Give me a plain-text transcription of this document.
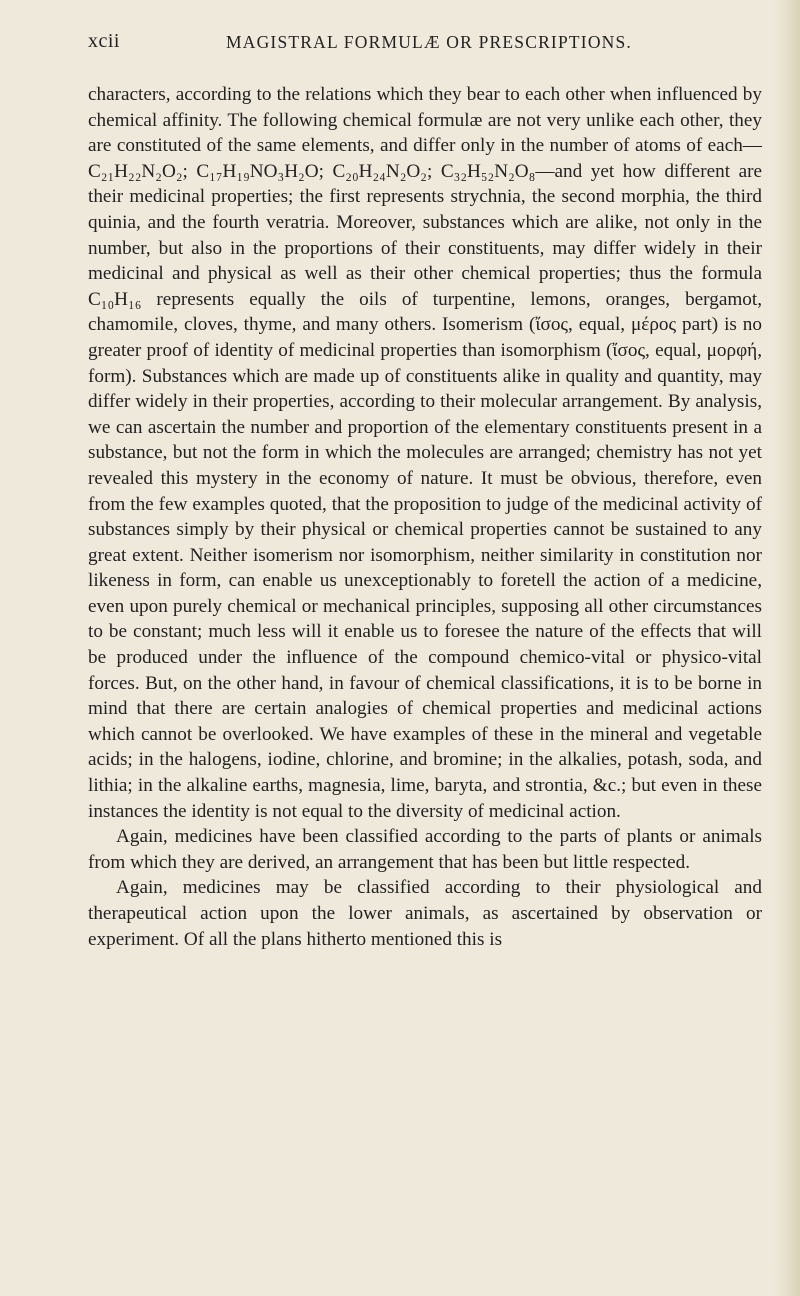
xcii	MAGISTRAL FORMULÆ OR PRESCRIPTIONS.

characters, according to the relations which they bear to each other when influenced by chemical affinity. The following chemical formulæ are not very unlike each other, they are constituted of the same elements, and differ only in the number of atoms of each—C₂₁H₂₂N₂O₂; C₁₇H₁₉NO₃H₂O; C₂₀H₂₄N₂O₂; C₃₂H₅₂N₂O₈—and yet how different are their medicinal properties; the first represents strychnia, the second morphia, the third quinia, and the fourth veratria. Moreover, substances which are alike, not only in the number, but also in the proportions of their constituents, may differ widely in their medicinal and physical as well as their other chemical properties; thus the formula C₁₀H₁₆ represents equally the oils of turpentine, lemons, oranges, bergamot, chamomile, cloves, thyme, and many others. Isomerism (ἴσος, equal, μέρος part) is no greater proof of identity of medicinal properties than isomorphism (ἴσος, equal, μορφή, form). Substances which are made up of constituents alike in quality and quantity, may differ widely in their properties, according to their molecular arrangement. By analysis, we can ascertain the number and proportion of the elementary constituents present in a substance, but not the form in which the molecules are arranged; chemistry has not yet revealed this mystery in the economy of nature. It must be obvious, therefore, even from the few examples quoted, that the proposition to judge of the medicinal activity of substances simply by their physical or chemical properties cannot be sustained to any great extent. Neither isomerism nor isomorphism, neither similarity in constitution nor likeness in form, can enable us unexceptionably to foretell the action of a medicine, even upon purely chemical or mechanical principles, supposing all other circumstances to be constant; much less will it enable us to foresee the nature of the effects that will be produced under the influence of the compound chemico-vital or physico-vital forces. But, on the other hand, in favour of chemical classifications, it is to be borne in mind that there are certain analogies of chemical properties and medicinal actions which cannot be overlooked. We have examples of these in the mineral and vegetable acids; in the halogens, iodine, chlorine, and bromine; in the alkalies, potash, soda, and lithia; in the alkaline earths, magnesia, lime, baryta, and strontia, &c.; but even in these instances the identity is not equal to the diversity of medicinal action.

Again, medicines have been classified according to the parts of plants or animals from which they are derived, an arrangement that has been but little respected.

Again, medicines may be classified according to their physiological and therapeutical action upon the lower animals, as ascertained by observation or experiment. Of all the plans hitherto mentioned this is
